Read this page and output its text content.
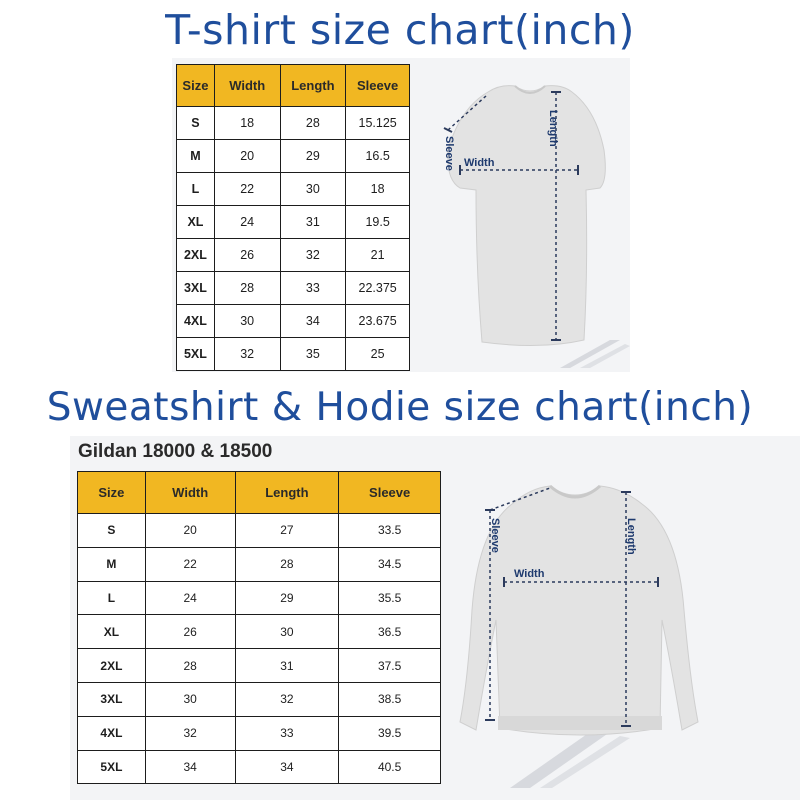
T-shirt size chart(inch)
Size	Width	Length	Sleeve
S	18	28	15.125
M	20	29	16.5
L	22	30	18
XL	24	31	19.5
2XL	26	32	21
3XL	28	33	22.375
4XL	30	34	23.675
5XL	32	35	25
Length
Sleeve Width
Sweatshirt & Hodie size chart(inch)
Gildan 18000 & 18500
Size	Width	Length	Sleeve
S	20	27	33.5
M	22	28	34.5
L	24	29	35.5
XL	26	30	36.5
2XL	28	31	37.5
3XL	30	32	38.5
4XL	32	33	39.5
5XL	34	34	40.5
Length
Sleeve
Width
